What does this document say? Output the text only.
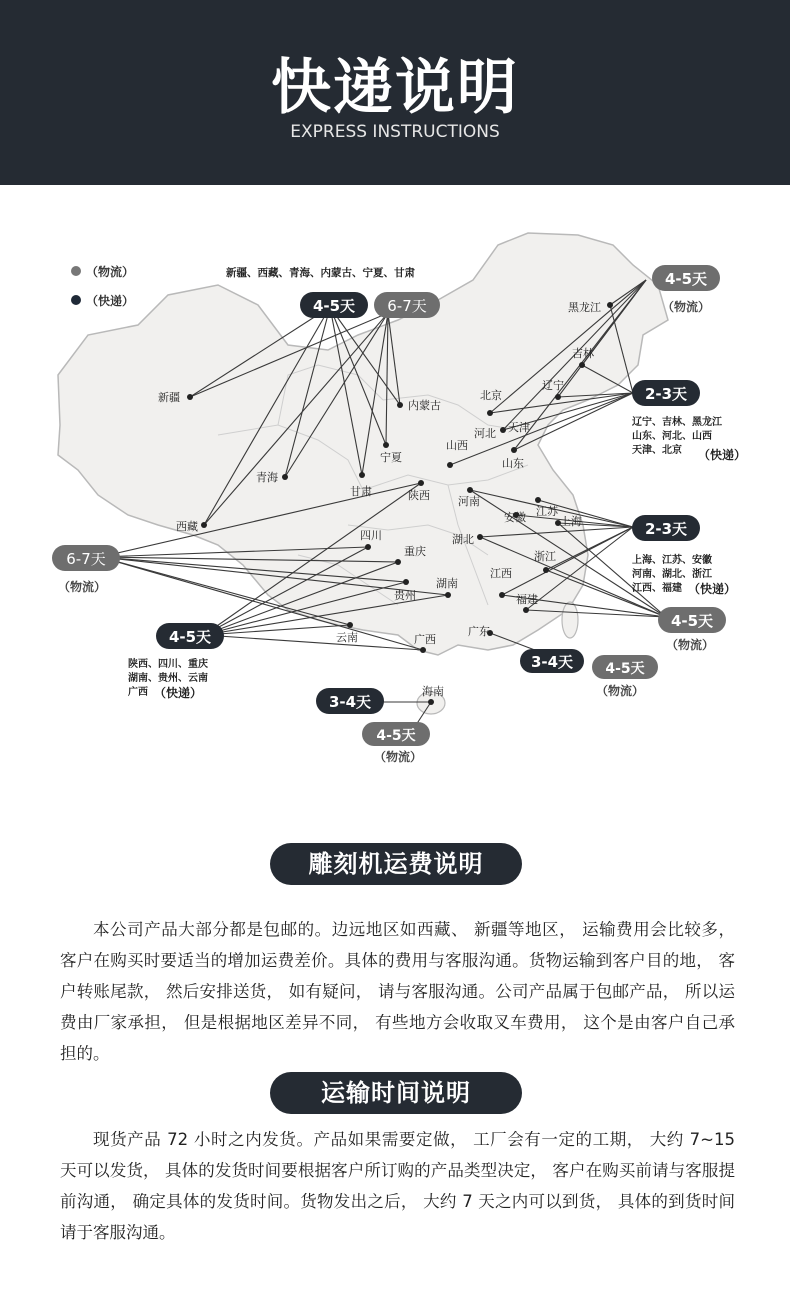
快递说明
EXPRESS INSTRUCTIONS
新疆
西藏
青海
甘肃
内蒙古
宁夏
黑龙江
吉林
辽宁
北京
天津
河北
山西
山东
河南
陕西
江苏
上海
安徽
湖北
浙江
四川
重庆
江西
湖南
福建
贵州
云南	广西
广东
海南
（物流）
（快递）
新疆、西藏、青海、内蒙古、宁夏、甘肃
4-5天 6-7天
4-5天
（物流）
2-3天
辽宁、吉林、黑龙江
山东、河北、山西
天津、北京 （快递）
2-3天
上海、江苏、安徽
河南、湖北、浙江
江西、福建 （快递）
4-5天
（物流）
6-7天
（物流）
4-5天
陕西、四川、重庆
湖南、贵州、云南
广西 （快递）
3-4天 4-5天
（物流）
3-4天
4-5天
（物流）
雕刻机运费说明
本公司产品大部分都是包邮的。边远地区如西藏、 新疆等地区， 运输费用会比较多， 客户在购买时要适当的增加运费差价。具体的费用与客服沟通。货物运输到客户目的地， 客户转账尾款， 然后安排送货， 如有疑问， 请与客服沟通。公司产品属于包邮产品， 所以运费由厂家承担， 但是根据地区差异不同， 有些地方会收取叉车费用， 这个是由客户自己承担的。
运输时间说明
现货产品 72 小时之内发货。产品如果需要定做， 工厂会有一定的工期， 大约 7~15 天可以发货， 具体的发货时间要根据客户所订购的产品类型决定， 客户在购买前请与客服提前沟通， 确定具体的发货时间。货物发出之后， 大约 7 天之内可以到货， 具体的到货时间请于客服沟通。
